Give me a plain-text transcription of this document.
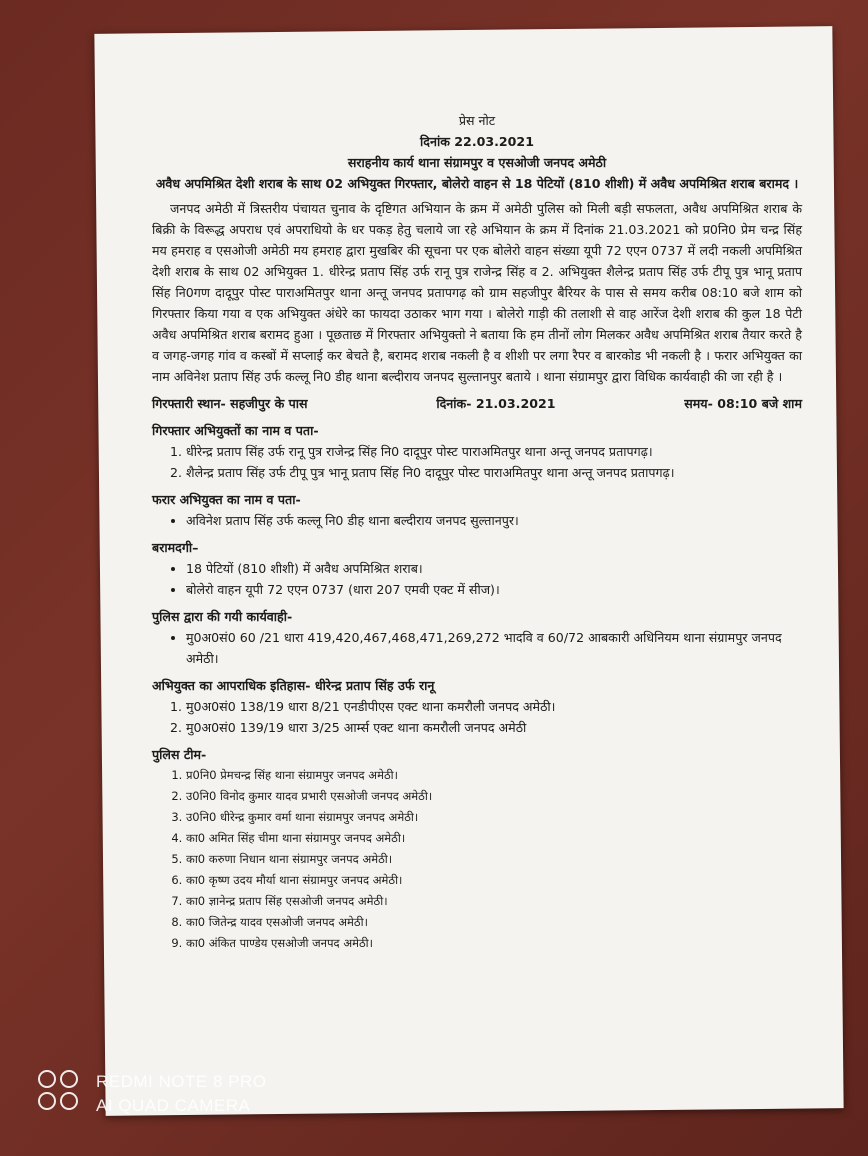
प्रेस नोट
दिनांक 22.03.2021
सराहनीय कार्य थाना संग्रामपुर व एसओजी जनपद अमेठी
अवैध अपमिश्रित देशी शराब के साथ 02 अभियुक्त गिरफ्तार, बोलेरो वाहन से 18 पेटियों (810 शीशी) में अवैध अपमिश्रित शराब बरामद ।
जनपद अमेठी में त्रिस्तरीय पंचायत चुनाव के दृष्टिगत अभियान के क्रम में अमेठी पुलिस को मिली बड़ी सफलता, अवैध अपमिश्रित शराब के बिक्री के विरूद्ध अपराध एवं अपराधियो के धर पकड़ हेतु चलाये जा रहे अभियान के क्रम में दिनांक 21.03.2021 को प्र0नि0 प्रेम चन्द्र सिंह मय हमराह व एसओजी अमेठी मय हमराह द्वारा मुखबिर की सूचना पर एक बोलेरो वाहन संख्या यूपी 72 एएन 0737 में लदी नकली अपमिश्रित देशी शराब के साथ 02 अभियुक्त 1. धीरेन्द्र प्रताप सिंह उर्फ रानू पुत्र राजेन्द्र सिंह व 2. अभियुक्त शैलेन्द्र प्रताप सिंह उर्फ टीपू पुत्र भानू प्रताप सिंह नि0गण दादूपुर पोस्ट पाराअमितपुर थाना अन्तू जनपद प्रतापगढ़ को ग्राम सहजीपुर बैरियर के पास से समय करीब 08:10 बजे शाम को गिरफ्तार किया गया व एक अभियुक्त अंधेरे का फायदा उठाकर भाग गया । बोलेरो गाड़ी की तलाशी से वाह आरेंज देशी शराब की कुल 18 पेटी अवैध अपमिश्रित शराब बरामद हुआ । पूछताछ में गिरफ्तार अभियुक्तो ने बताया कि हम तीनों लोग मिलकर अवैध अपमिश्रित शराब तैयार करते है व जगह-जगह गांव व कस्बों में सप्लाई कर बेचते है, बरामद शराब नकली है व शीशी पर लगा रैपर व बारकोड भी नकली है । फरार अभियुक्त का नाम अविनेश प्रताप सिंह उर्फ कल्लू नि0 डीह थाना बल्दीराय जनपद सुल्तानपुर बताये । थाना संग्रामपुर द्वारा विधिक कार्यवाही की जा रही है ।
गिरफ्तारी स्थान- सहजीपुर के पास	दिनांक- 21.03.2021	समय- 08:10 बजे शाम
गिरफ्तार अभियुक्तों का नाम व पता-
1. धीरेन्द्र प्रताप सिंह उर्फ रानू पुत्र राजेन्द्र सिंह नि0 दादूपुर पोस्ट पाराअमितपुर थाना अन्तू जनपद प्रतापगढ़।
2. शैलेन्द्र प्रताप सिंह उर्फ टीपू पुत्र भानू प्रताप सिंह नि0 दादूपुर पोस्ट पाराअमितपुर थाना अन्तू जनपद प्रतापगढ़।
फरार अभियुक्त का नाम व पता-
• अविनेश प्रताप सिंह उर्फ कल्लू नि0 डीह थाना बल्दीराय जनपद सुल्तानपुर।
बरामदगी–
• 18 पेटियों (810 शीशी) में अवैध अपमिश्रित शराब।
• बोलेरो वाहन यूपी 72 एएन 0737 (धारा 207 एमवी एक्ट में सीज)।
पुलिस द्वारा की गयी कार्यवाही-
• मु0अ0सं0 60 /21 धारा 419,420,467,468,471,269,272 भादवि व 60/72 आबकारी अधिनियम थाना संग्रामपुर जनपद अमेठी।
अभियुक्त का आपराधिक इतिहास- धीरेन्द्र प्रताप सिंह उर्फ रानू
1. मु0अ0सं0 138/19 धारा 8/21 एनडीपीएस एक्ट थाना कमरौली जनपद अमेठी।
2. मु0अ0सं0 139/19 धारा 3/25 आर्म्स एक्ट थाना कमरौली जनपद अमेठी
पुलिस टीम-
1. प्र0नि0 प्रेमचन्द्र सिंह थाना संग्रामपुर जनपद अमेठी।
2. उ0नि0 विनोद कुमार यादव प्रभारी एसओजी जनपद अमेठी।
3. उ0नि0 धीरेन्द्र कुमार वर्मा थाना संग्रामपुर जनपद अमेठी।
4. का0 अमित सिंह चीमा थाना संग्रामपुर जनपद अमेठी।
5. का0 करुणा निधान थाना संग्रामपुर जनपद अमेठी।
6. का0 कृष्ण उदय मौर्या थाना संग्रामपुर जनपद अमेठी।
7. का0 ज्ञानेन्द्र प्रताप सिंह एसओजी जनपद अमेठी।
8. का0 जितेन्द्र यादव एसओजी जनपद अमेठी।
9. का0 अंकित पाण्डेय एसओजी जनपद अमेठी।
REDMI NOTE 8 PRO
AI QUAD CAMERA
